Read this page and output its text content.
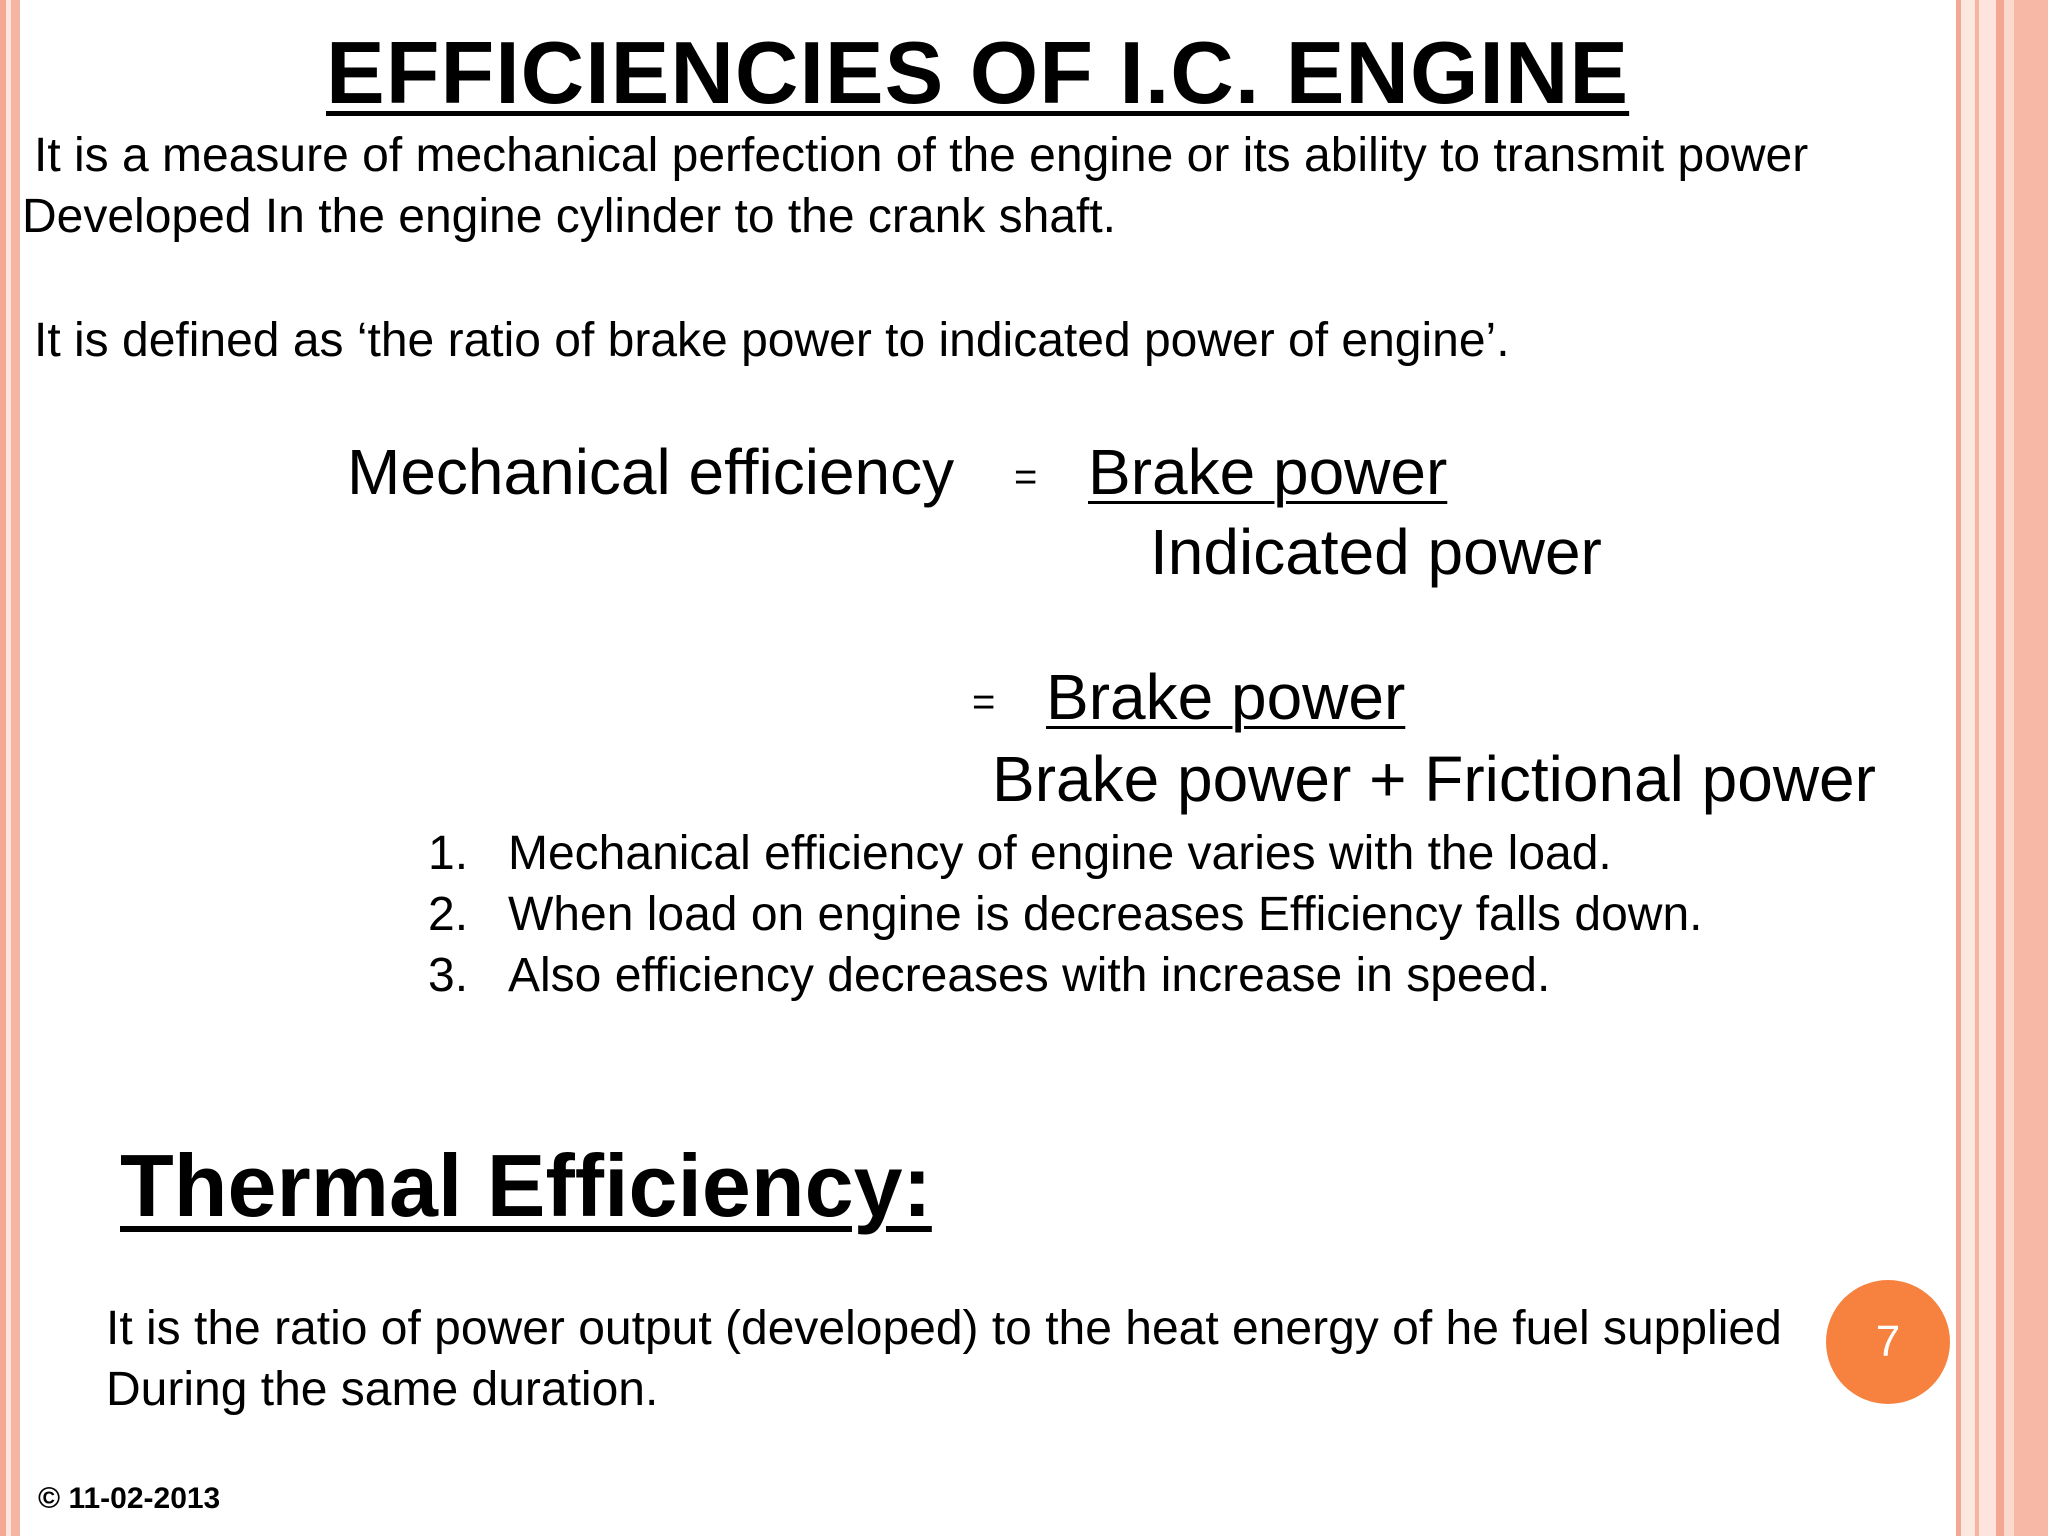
EFFICIENCIES OF I.C. ENGINE
It is a measure of mechanical perfection of the engine or its ability to transmit power
Developed In the engine cylinder to the crank shaft.
It is defined as ‘the ratio of brake power to indicated power of engine’.
Mechanical efficiency = Brake power
Indicated power
= Brake power
Brake power + Frictional power
1. Mechanical efficiency of engine varies with the load.
2. When load on engine is decreases Efficiency falls down.
3. Also efficiency decreases with increase in speed.
Thermal Efficiency:
It is the ratio of power output (developed) to the heat energy of he fuel supplied
During the same duration.
7
© 11-02-2013
